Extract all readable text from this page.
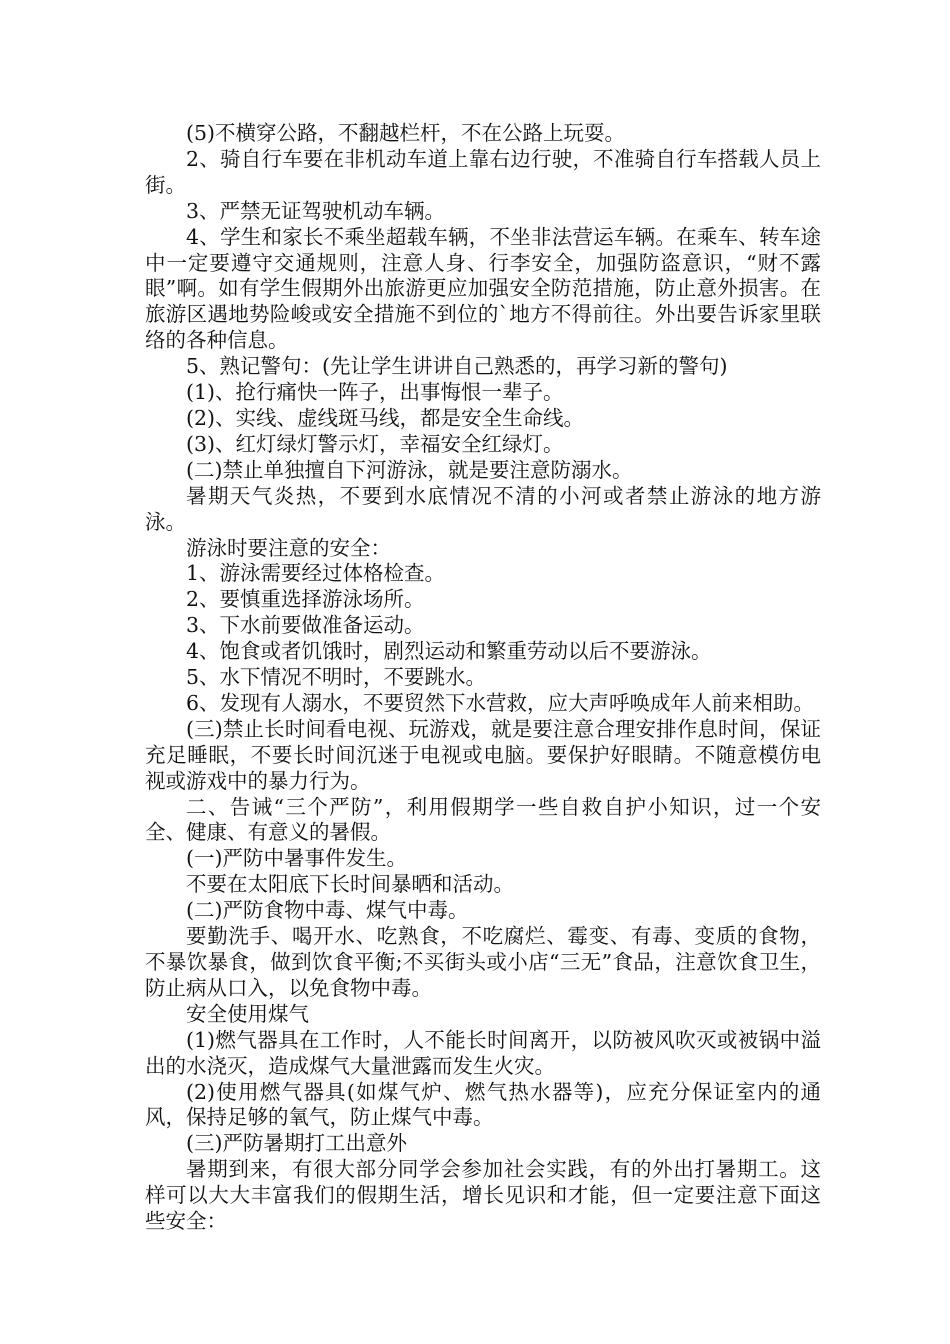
(5)不横穿公路，不翻越栏杆，不在公路上玩耍。

2、骑自行车要在非机动车道上靠右边行驶，不准骑自行车搭载人员上街。

3、严禁无证驾驶机动车辆。

4、学生和家长不乘坐超载车辆，不坐非法营运车辆。在乘车、转车途中一定要遵守交通规则，注意人身、行李安全，加强防盗意识，“财不露眼”啊。如有学生假期外出旅游更应加强安全防范措施，防止意外损害。在旅游区遇地势险峻或安全措施不到位的`地方不得前往。外出要告诉家里联络的各种信息。

5、熟记警句：(先让学生讲讲自己熟悉的，再学习新的警句)

(1)、抢行痛快一阵子，出事悔恨一辈子。

(2)、实线、虚线斑马线，都是安全生命线。

(3)、红灯绿灯警示灯，幸福安全红绿灯。

(二)禁止单独擅自下河游泳，就是要注意防溺水。

暑期天气炎热，不要到水底情况不清的小河或者禁止游泳的地方游泳。

游泳时要注意的安全：

1、游泳需要经过体格检查。

2、要慎重选择游泳场所。

3、下水前要做准备运动。

4、饱食或者饥饿时，剧烈运动和繁重劳动以后不要游泳。

5、水下情况不明时，不要跳水。

6、发现有人溺水，不要贸然下水营救，应大声呼唤成年人前来相助。

(三)禁止长时间看电视、玩游戏，就是要注意合理安排作息时间，保证充足睡眠，不要长时间沉迷于电视或电脑。要保护好眼睛。不随意模仿电视或游戏中的暴力行为。

二、告诫“三个严防”，利用假期学一些自救自护小知识，过一个安全、健康、有意义的暑假。

(一)严防中暑事件发生。

不要在太阳底下长时间暴晒和活动。

(二)严防食物中毒、煤气中毒。

要勤洗手、喝开水、吃熟食，不吃腐烂、霉变、有毒、变质的食物，不暴饮暴食，做到饮食平衡;不买街头或小店“三无”食品，注意饮食卫生，防止病从口入，以免食物中毒。

安全使用煤气

(1)燃气器具在工作时，人不能长时间离开，以防被风吹灭或被锅中溢出的水浇灭，造成煤气大量泄露而发生火灾。

(2)使用燃气器具(如煤气炉、燃气热水器等)，应充分保证室内的通风，保持足够的氧气，防止煤气中毒。

(三)严防暑期打工出意外

暑期到来，有很大部分同学会参加社会实践，有的外出打暑期工。这样可以大大丰富我们的假期生活，增长见识和才能，但一定要注意下面这些安全：
